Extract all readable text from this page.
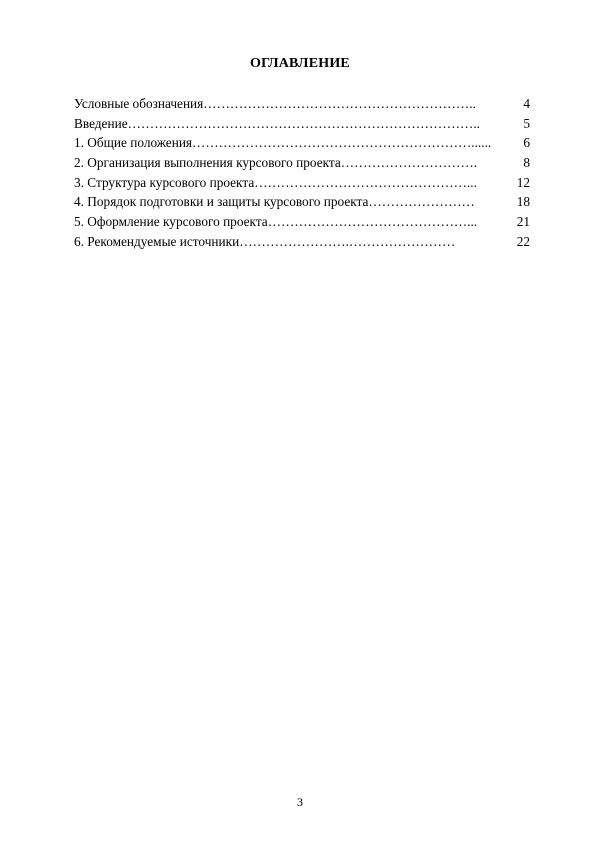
ОГЛАВЛЕНИЕ
Условные обозначения……………………………………………………..	4
Введение……………………………………………………………………..	5
1. Общие положения………………………………………………………...... 6
2. Организация выполнения курсового проекта………………………….	8
3. Структура курсового проекта…………………………………………...	12
4. Порядок подготовки и защиты курсового проекта……………………	18
5. Оформление курсового проекта………………………………………...	21
6. Рекомендуемые источники…………………….……………………	22
3
